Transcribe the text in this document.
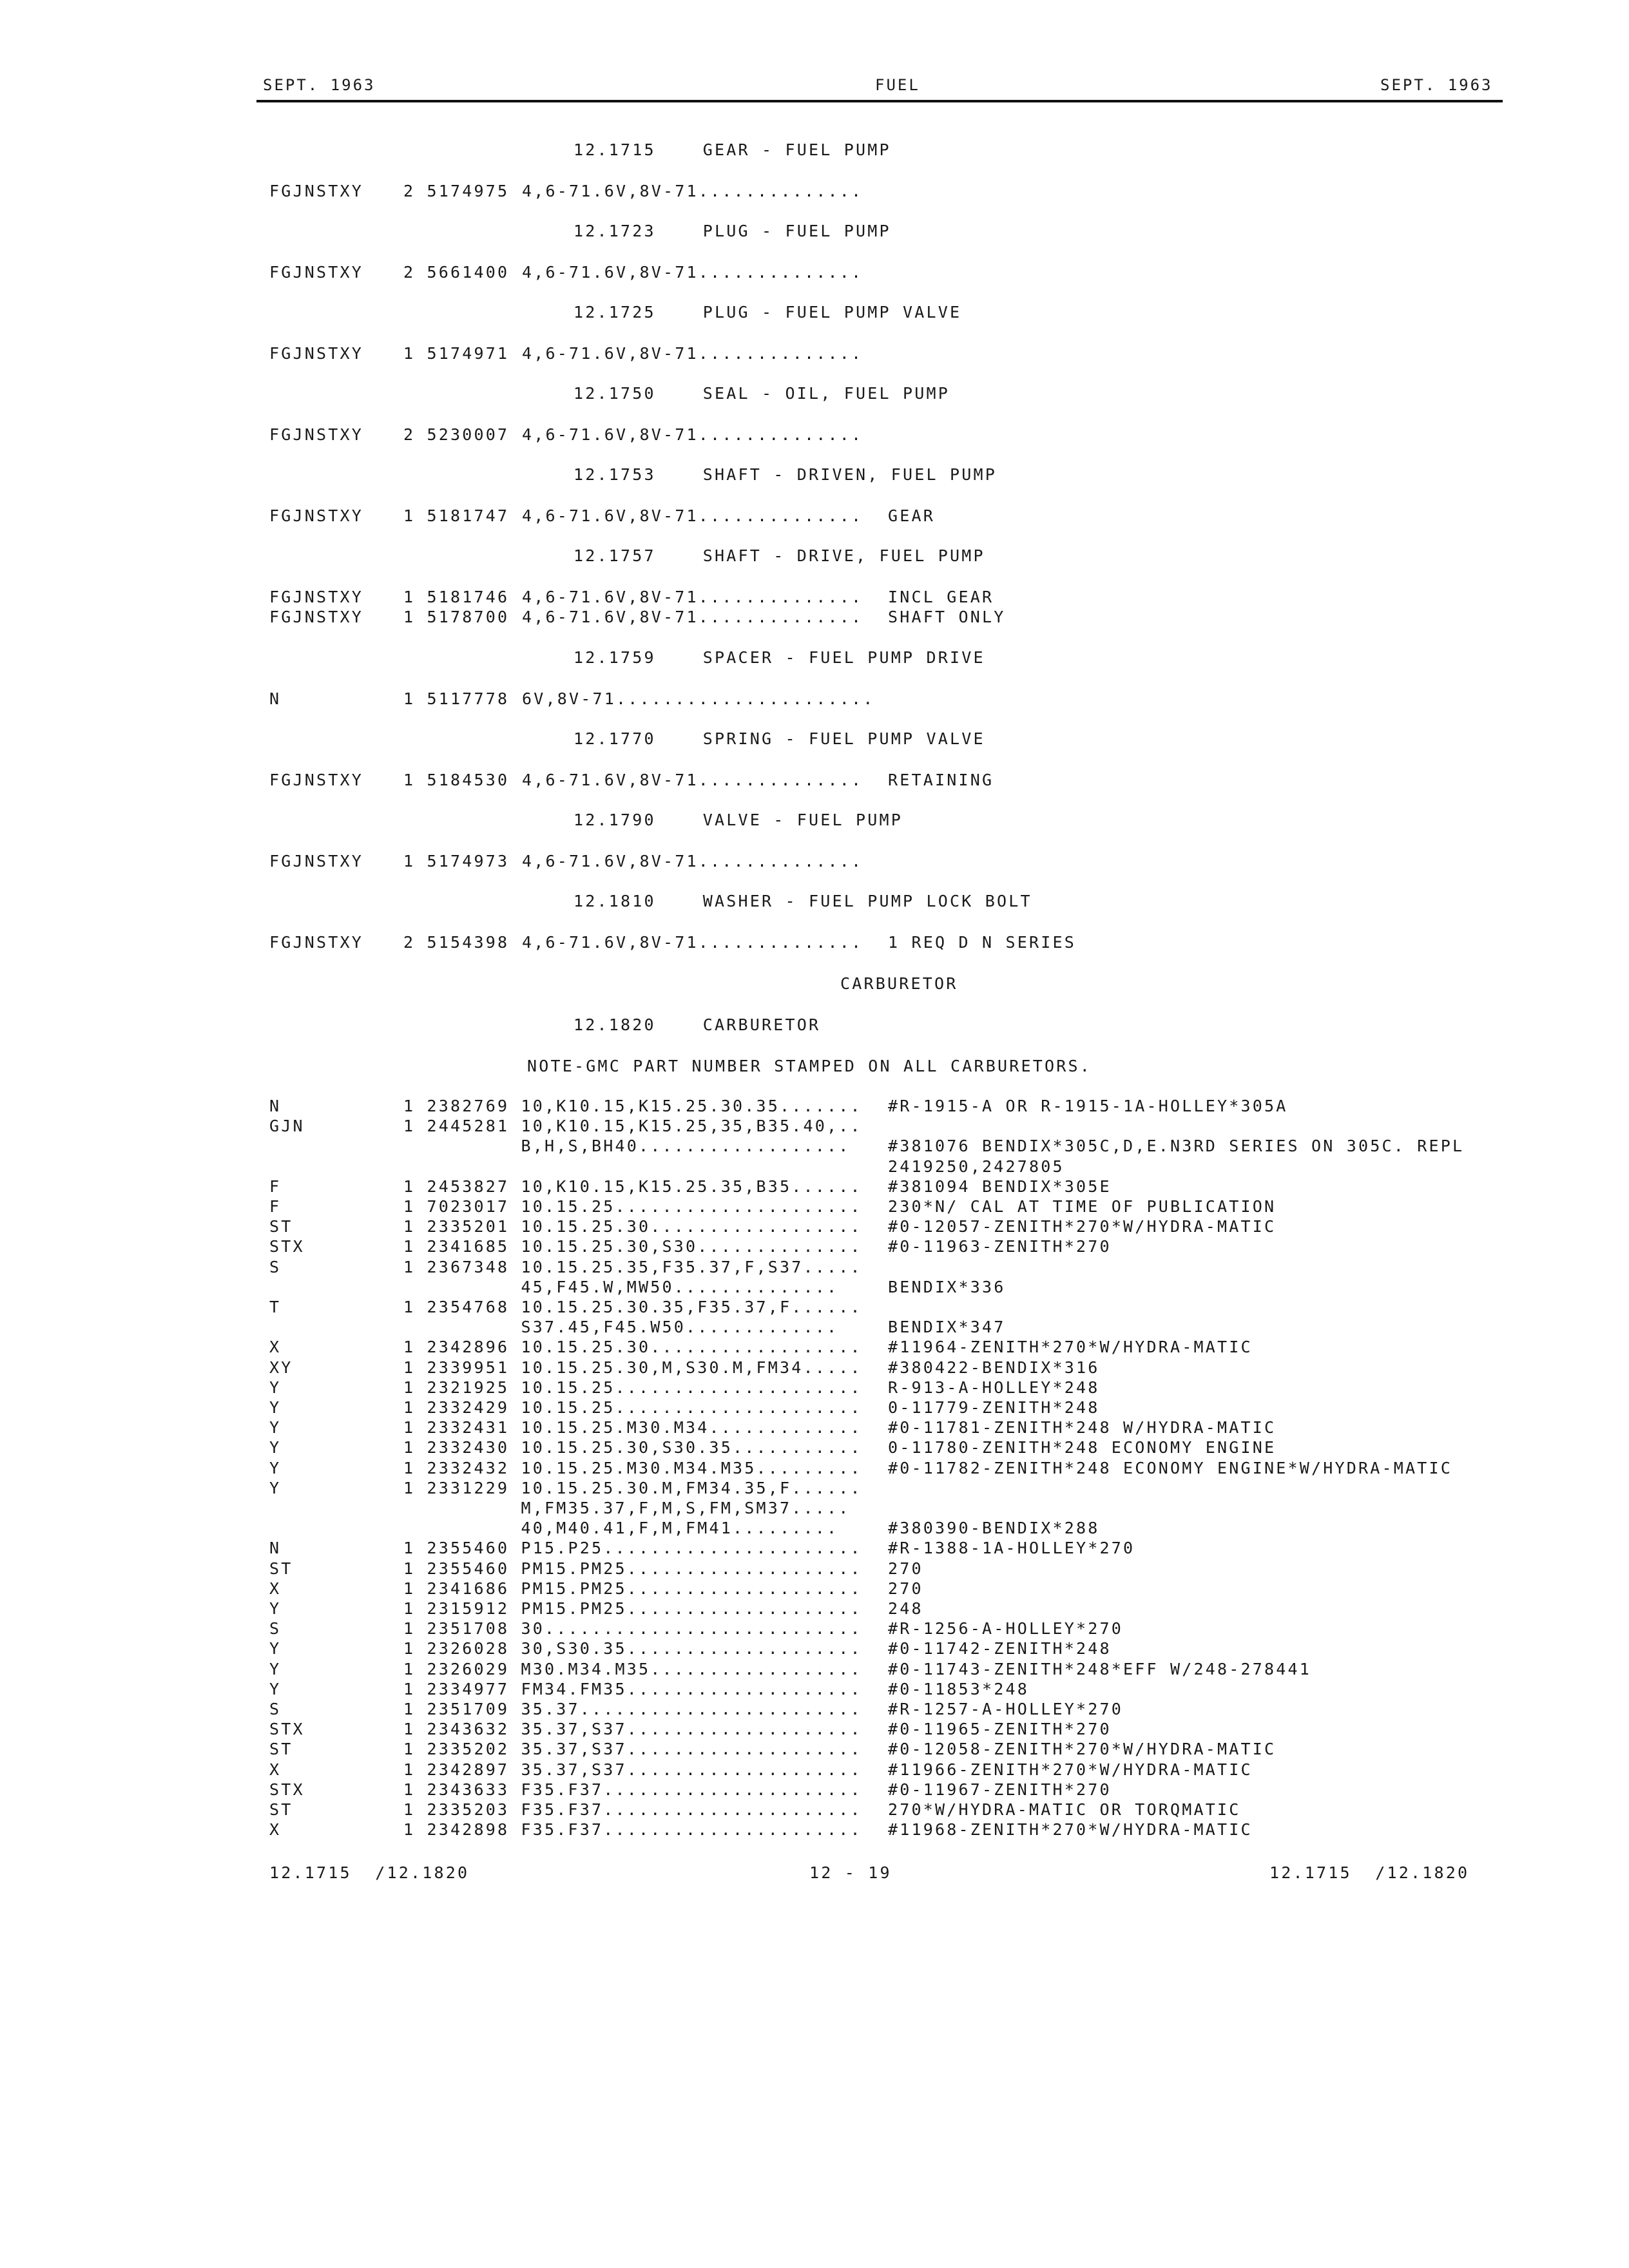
SEPT. 1963	FUEL	SEPT. 1963
12.1715    GEAR - FUEL PUMP
FGJNSTXY 2 5174975 4,6-71.6V,8V-71..............
12.1723    PLUG - FUEL PUMP
FGJNSTXY 2 5661400 4,6-71.6V,8V-71..............
12.1725    PLUG - FUEL PUMP VALVE
FGJNSTXY 1 5174971 4,6-71.6V,8V-71..............
12.1750    SEAL - OIL, FUEL PUMP
FGJNSTXY 2 5230007 4,6-71.6V,8V-71..............
12.1753    SHAFT - DRIVEN, FUEL PUMP
FGJNSTXY 1 5181747 4,6-71.6V,8V-71.............. GEAR
12.1757    SHAFT - DRIVE, FUEL PUMP
FGJNSTXY 1 5181746 4,6-71.6V,8V-71.............. INCL GEAR
FGJNSTXY 1 5178700 4,6-71.6V,8V-71.............. SHAFT ONLY
12.1759    SPACER - FUEL PUMP DRIVE
N	1 5117778 6V,8V-71......................
12.1770    SPRING - FUEL PUMP VALVE
FGJNSTXY 1 5184530 4,6-71.6V,8V-71.............. RETAINING
12.1790    VALVE - FUEL PUMP
FGJNSTXY 1 5174973 4,6-71.6V,8V-71..............
12.1810    WASHER - FUEL PUMP LOCK BOLT
FGJNSTXY 2 5154398 4,6-71.6V,8V-71.............. 1 REQ D N SERIES
CARBURETOR
12.1820    CARBURETOR
NOTE-GMC PART NUMBER STAMPED ON ALL CARBURETORS.
N	1 2382769 10,K10.15,K15.25.30.35....... #R-1915-A OR R-1915-1A-HOLLEY*305A
GJN	1 2445281 10,K10.15,K15.25,35,B35.40,..
B,H,S,BH40.................. #381076 BENDIX*305C,D,E.N3RD SERIES ON 305C. REPL
2419250,2427805
F	1 2453827 10,K10.15,K15.25.35,B35...... #381094 BENDIX*305E
F	1 7023017 10.15.25..................... 230*N/ CAL AT TIME OF PUBLICATION
ST	1 2335201 10.15.25.30.................. #0-12057-ZENITH*270*W/HYDRA-MATIC
STX	1 2341685 10.15.25.30,S30.............. #0-11963-ZENITH*270
S	1 2367348 10.15.25.35,F35.37,F,S37.....
45,F45.W,MW50..............	BENDIX*336
T	1 2354768 10.15.25.30.35,F35.37,F......
S37.45,F45.W50.............	BENDIX*347
X	1 2342896 10.15.25.30.................. #11964-ZENITH*270*W/HYDRA-MATIC
XY	1 2339951 10.15.25.30,M,S30.M,FM34..... #380422-BENDIX*316
Y	1 2321925 10.15.25..................... R-913-A-HOLLEY*248
Y	1 2332429 10.15.25..................... 0-11779-ZENITH*248
Y	1 2332431 10.15.25.M30.M34............. #0-11781-ZENITH*248 W/HYDRA-MATIC
Y	1 2332430 10.15.25.30,S30.35........... 0-11780-ZENITH*248 ECONOMY ENGINE
Y	1 2332432 10.15.25.M30.M34.M35......... #0-11782-ZENITH*248 ECONOMY ENGINE*W/HYDRA-MATIC
Y	1 2331229 10.15.25.30.M,FM34.35,F......
M,FM35.37,F,M,S,FM,SM37.....
40,M40.41,F,M,FM41.........	#380390-BENDIX*288
N	1 2355460 P15.P25...................... #R-1388-1A-HOLLEY*270
ST	1 2355460 PM15.PM25.................... 270
X	1 2341686 PM15.PM25.................... 270
Y	1 2315912 PM15.PM25.................... 248
S	1 2351708 30........................... #R-1256-A-HOLLEY*270
Y	1 2326028 30,S30.35.................... #0-11742-ZENITH*248
Y	1 2326029 M30.M34.M35.................. #0-11743-ZENITH*248*EFF W/248-278441
Y	1 2334977 FM34.FM35.................... #0-11853*248
S	1 2351709 35.37........................ #R-1257-A-HOLLEY*270
STX	1 2343632 35.37,S37.................... #0-11965-ZENITH*270
ST	1 2335202 35.37,S37.................... #0-12058-ZENITH*270*W/HYDRA-MATIC
X	1 2342897 35.37,S37.................... #11966-ZENITH*270*W/HYDRA-MATIC
STX	1 2343633 F35.F37...................... #0-11967-ZENITH*270
ST	1 2335203 F35.F37...................... 270*W/HYDRA-MATIC OR TORQMATIC
X	1 2342898 F35.F37...................... #11968-ZENITH*270*W/HYDRA-MATIC
12.1715  /12.1820	12 - 19	12.1715  /12.1820
